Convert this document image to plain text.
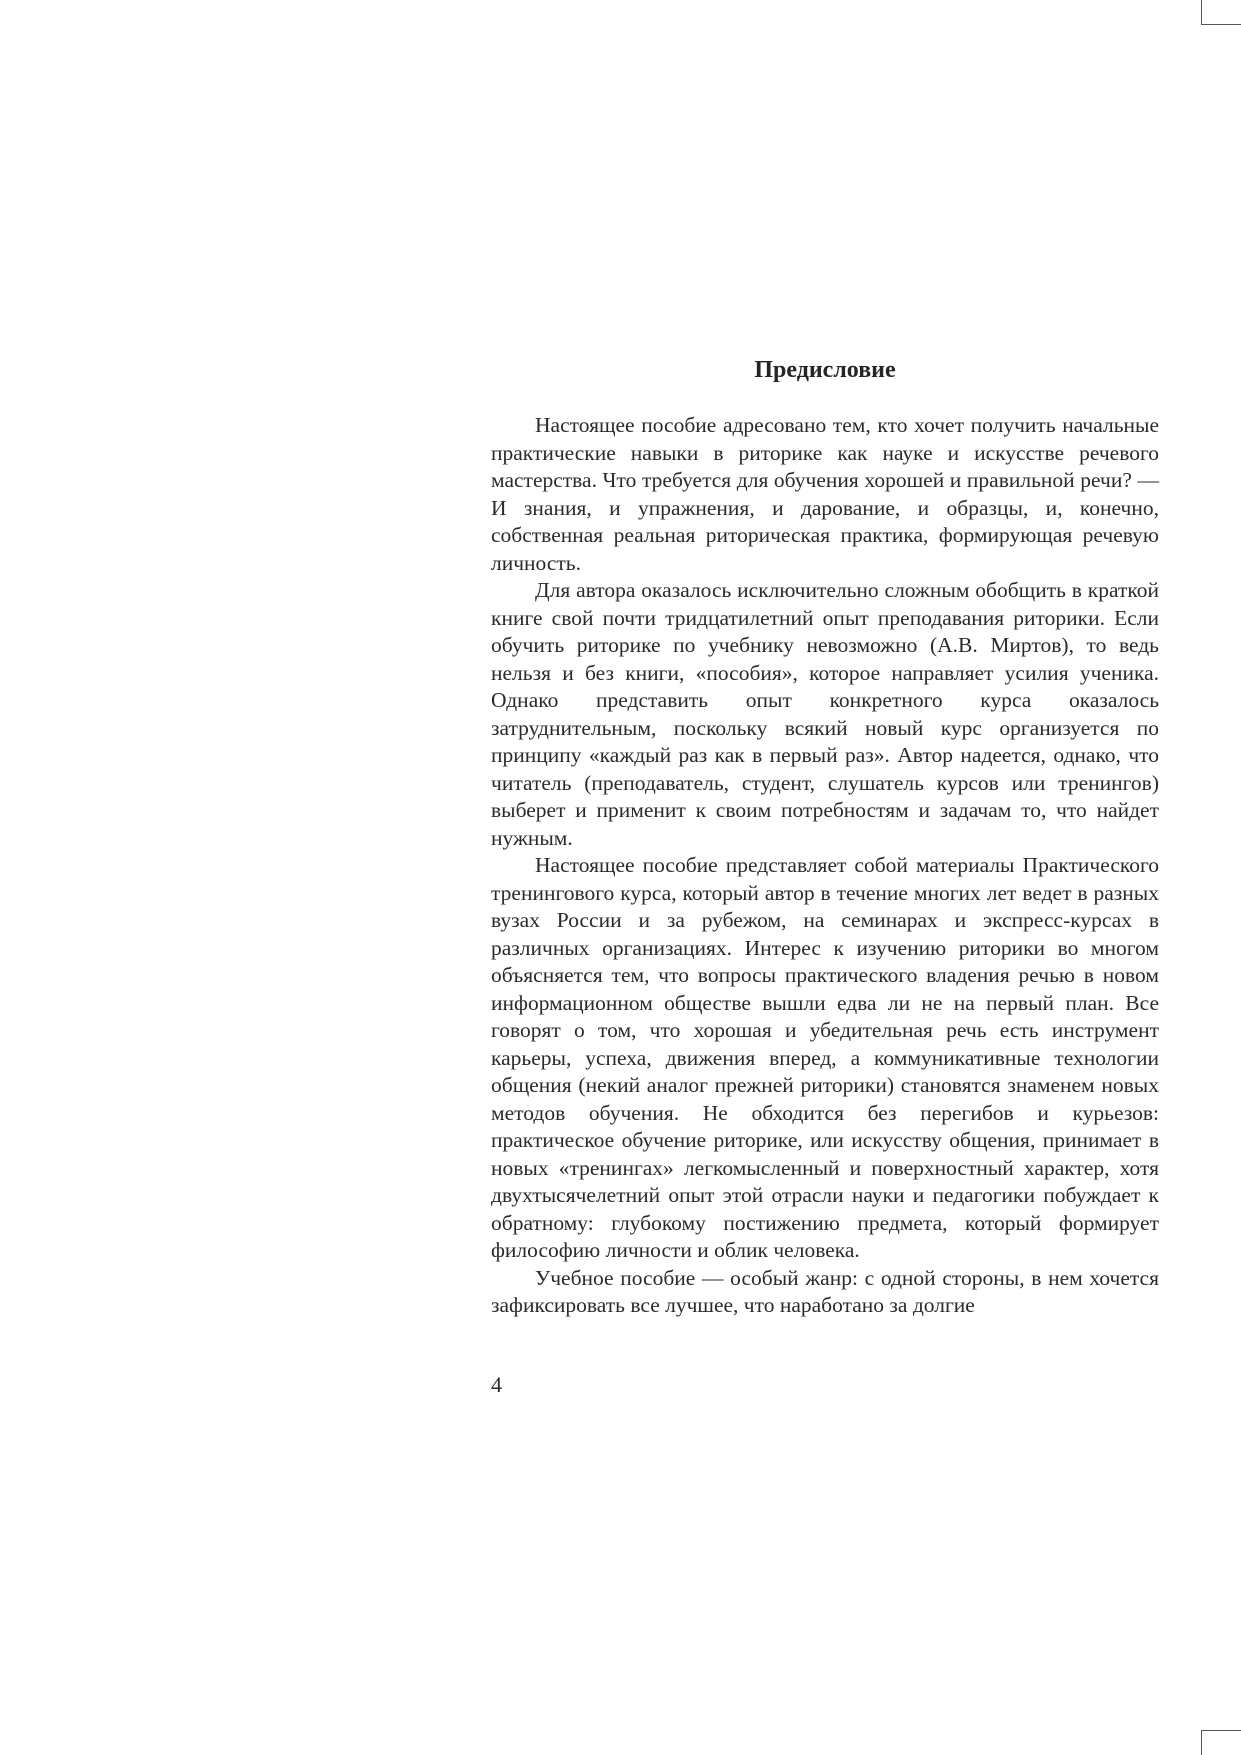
Предисловие

Настоящее пособие адресовано тем, кто хочет получить начальные практические навыки в риторике как науке и искусстве речевого мастерства. Что требуется для обучения хорошей и правильной речи? — И знания, и упражнения, и дарование, и образцы, и, конечно, собственная реальная риторическая практика, формирующая речевую личность.

Для автора оказалось исключительно сложным обобщить в краткой книге свой почти тридцатилетний опыт преподавания риторики. Если обучить риторике по учебнику невозможно (А.В. Миртов), то ведь нельзя и без книги, «пособия», которое направляет усилия ученика. Однако представить опыт конкретного курса оказалось затруднительным, поскольку всякий новый курс организуется по принципу «каждый раз как в первый раз». Автор надеется, однако, что читатель (преподаватель, студент, слушатель курсов или тренингов) выберет и применит к своим потребностям и задачам то, что найдет нужным.

Настоящее пособие представляет собой материалы Практического тренингового курса, который автор в течение многих лет ведет в разных вузах России и за рубежом, на семинарах и экспресс-курсах в различных организациях. Интерес к изучению риторики во многом объясняется тем, что вопросы практического владения речью в новом информационном обществе вышли едва ли не на первый план. Все говорят о том, что хорошая и убедительная речь есть инструмент карьеры, успеха, движения вперед, а коммуникативные технологии общения (некий аналог прежней риторики) становятся знаменем новых методов обучения. Не обходится без перегибов и курьезов: практическое обучение риторике, или искусству общения, принимает в новых «тренингах» легкомысленный и поверхностный характер, хотя двухтысячелетний опыт этой отрасли науки и педагогики побуждает к обратному: глубокому постижению предмета, который формирует философию личности и облик человека.

Учебное пособие — особый жанр: с одной стороны, в нем хочется зафиксировать все лучшее, что наработано за долгие

4
